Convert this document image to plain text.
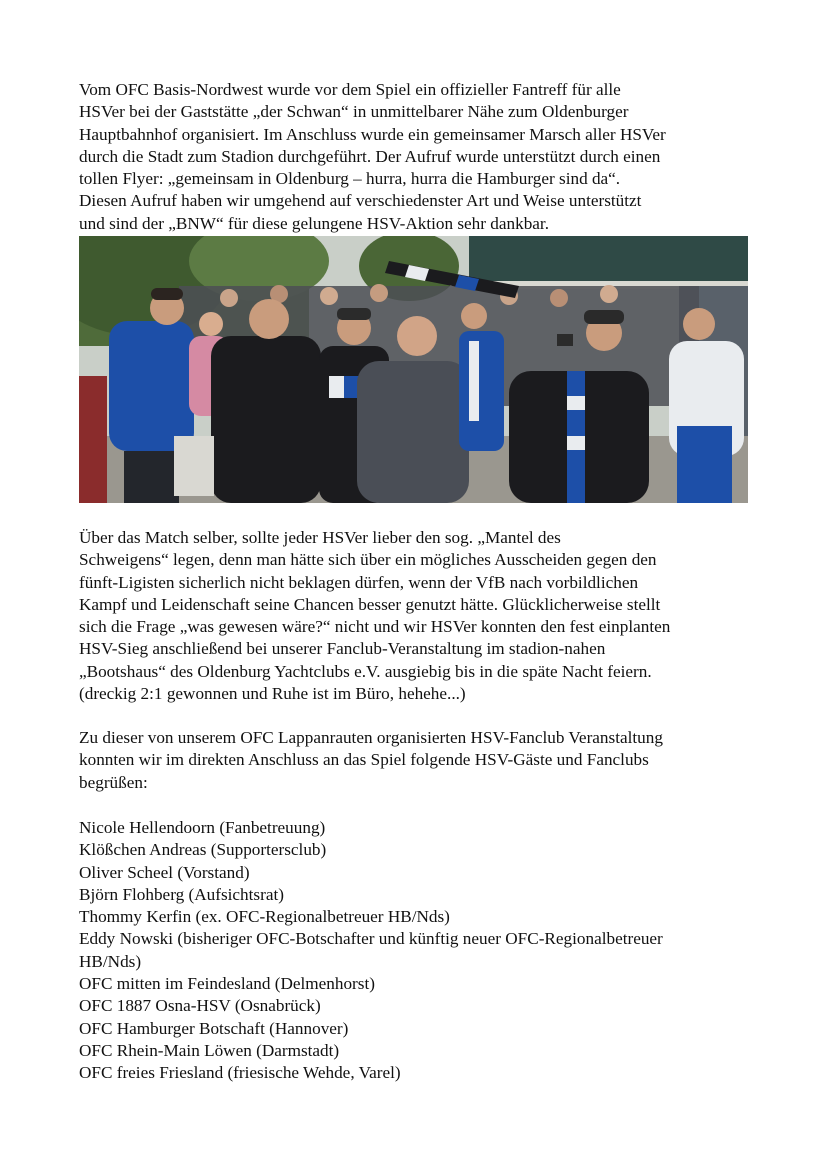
Vom OFC Basis-Nordwest wurde vor dem Spiel ein offizieller Fantreff für alle
HSVer bei der Gaststätte „der Schwan“ in unmittelbarer Nähe zum Oldenburger
Hauptbahnhof organisiert. Im Anschluss wurde ein gemeinsamer Marsch aller HSVer
durch die Stadt zum Stadion durchgeführt. Der Aufruf wurde unterstützt durch einen
tollen Flyer: „gemeinsam in Oldenburg – hurra, hurra die Hamburger sind da“.
Diesen Aufruf haben wir umgehend auf verschiedenster Art und Weise unterstützt
und sind der „BNW“ für diese gelungene HSV-Aktion sehr dankbar.

Über das Match selber, sollte jeder HSVer lieber den sog. „Mantel des
Schweigens“ legen, denn man hätte sich über ein mögliches Ausscheiden gegen den
fünft-Ligisten sicherlich nicht beklagen dürfen, wenn der VfB nach vorbildlichen
Kampf und Leidenschaft seine Chancen besser genutzt hätte. Glücklicherweise stellt
sich die Frage „was gewesen wäre?“ nicht und wir HSVer konnten den fest einplanten
HSV-Sieg anschließend bei unserer Fanclub-Veranstaltung im stadion-nahen
„Bootshaus“ des Oldenburg Yachtclubs e.V. ausgiebig bis in die späte Nacht feiern.
(dreckig 2:1 gewonnen und Ruhe ist im Büro, hehehe...)

Zu dieser von unserem OFC Lappanrauten organisierten HSV-Fanclub Veranstaltung
konnten wir im direkten Anschluss an das Spiel folgende HSV-Gäste und Fanclubs
begrüßen:

Nicole Hellendoorn (Fanbetreuung)
Klößchen Andreas (Supportersclub)
Oliver Scheel (Vorstand)
Björn Flohberg (Aufsichtsrat)
Thommy Kerfin (ex. OFC-Regionalbetreuer HB/Nds)
Eddy Nowski (bisheriger OFC-Botschafter und künftig neuer OFC-Regionalbetreuer
HB/Nds)
OFC mitten im Feindesland (Delmenhorst)
OFC 1887 Osna-HSV (Osnabrück)
OFC Hamburger Botschaft (Hannover)
OFC Rhein-Main Löwen (Darmstadt)
OFC freies Friesland (friesische Wehde, Varel)
